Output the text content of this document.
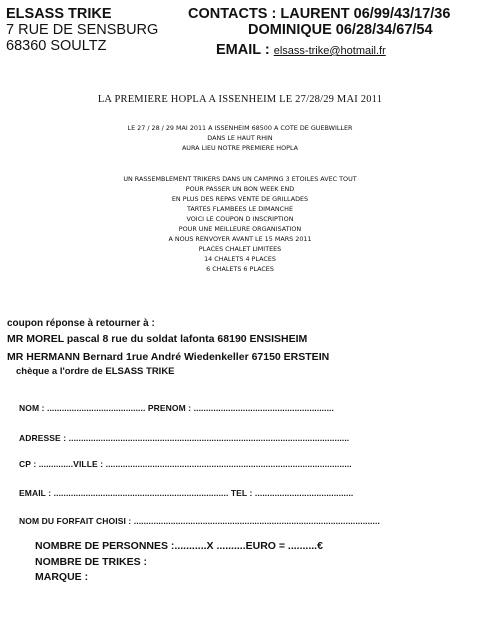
ELSASS TRIKE
7 RUE DE SENSBURG
68360 SOULTZ
CONTACTS : LAURENT 06/99/43/17/36
DOMINIQUE 06/28/34/67/54
EMAIL : elsass-trike@hotmail.fr
LA PREMIERE HOPLA A ISSENHEIM LE 27/28/29 MAI 2011
LE 27 / 28 / 29 MAI 2011 A ISSENHEIM 68500 A COTE DE GUEBWILLER
DANS LE HAUT RHIN
AURA LIEU NOTRE PREMIERE HOPLA
UN RASSEMBLEMENT TRIKERS DANS UN CAMPING 3 ETOILES AVEC TOUT
POUR PASSER UN BON WEEK END
EN PLUS DES REPAS VENTE DE GRILLADES
TARTES FLAMBEES LE DIMANCHE
VOICI LE COUPON D INSCRIPTION
POUR UNE MEILLEURE ORGANISATION
A NOUS RENVOYER AVANT LE 15 MARS 2011
PLACES CHALET LIMITEES
14 CHALETS 4 PLACES
6 CHALETS 6 PLACES
coupon réponse à retourner à :
MR MOREL pascal 8 rue du soldat lafonta 68190 ENSISHEIM
MR HERMANN Bernard 1rue André Wiedenkeller 67150 ERSTEIN
chèque a l'ordre de ELSASS TRIKE
NOM : ........................................ PRENOM : .........................................................
ADRESSE : ..................................................................................................................
CP : ..............VILLE : ....................................................................................................
EMAIL : ....................................................................... TEL : ........................................
NOM DU FORFAIT CHOISI : ....................................................................................................
NOMBRE DE PERSONNES :...........X ..........EURO = ..........€
NOMBRE DE TRIKES :
MARQUE :
